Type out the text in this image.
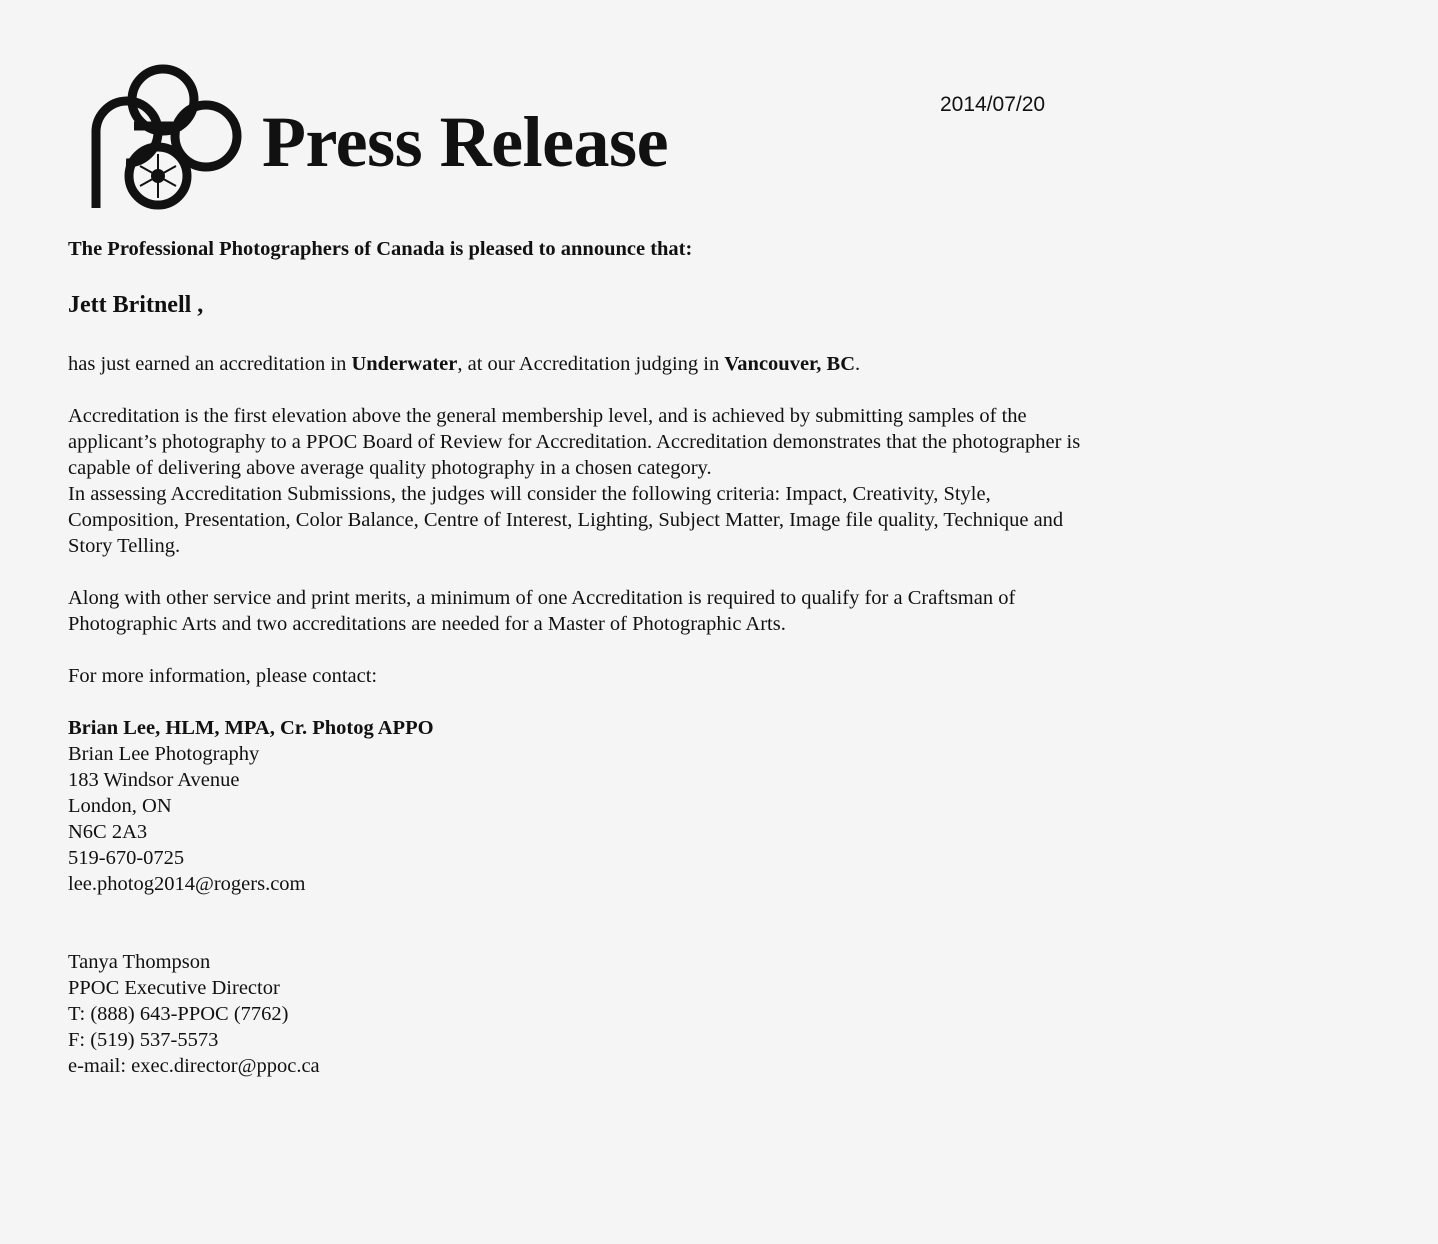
Press Release	2014/07/20

The Professional Photographers of Canada is pleased to announce that:

Jett Britnell ,

has just earned an accreditation in Underwater, at our Accreditation judging in Vancouver, BC.

Accreditation is the first elevation above the general membership level, and is achieved by submitting samples of the
applicant’s photography to a PPOC Board of Review for Accreditation. Accreditation demonstrates that the photographer is
capable of delivering above average quality photography in a chosen category.
In assessing Accreditation Submissions, the judges will consider the following criteria: Impact, Creativity, Style,
Composition, Presentation, Color Balance, Centre of Interest, Lighting, Subject Matter, Image file quality, Technique and
Story Telling.
Along with other service and print merits, a minimum of one Accreditation is required to qualify for a Craftsman of
Photographic Arts and two accreditations are needed for a Master of Photographic Arts.

For more information, please contact:

Brian Lee, HLM, MPA, Cr. Photog APPO
Brian Lee Photography
183 Windsor Avenue
London, ON
N6C 2A3
519-670-0725
lee.photog2014@rogers.com
Tanya Thompson
PPOC Executive Director
T: (888) 643-PPOC (7762)
F: (519) 537-5573
e-mail: exec.director@ppoc.ca
